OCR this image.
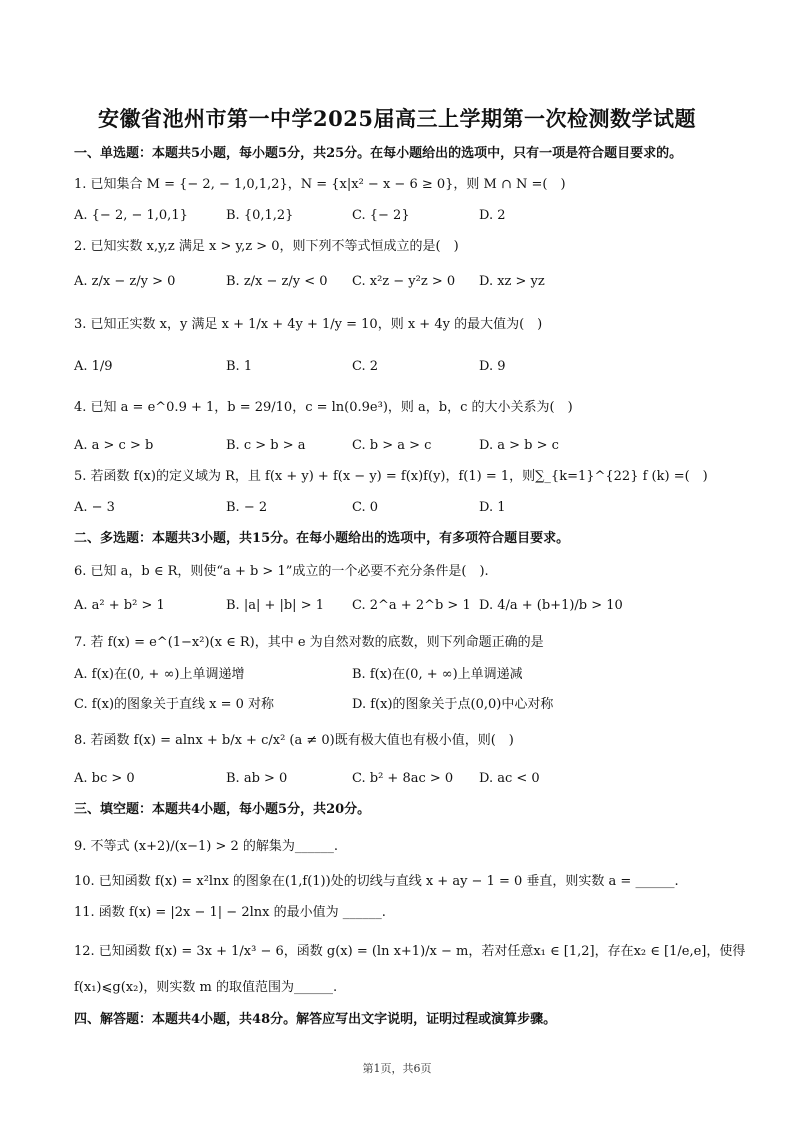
安徽省池州市第一中学2025届高三上学期第一次检测数学试题
一、单选题：本题共5小题，每小题5分，共25分。在每小题给出的选项中，只有一项是符合题目要求的。
1. 已知集合 M = {− 2, − 1,0,1,2}，N = {x|x² − x − 6 ≥ 0}，则 M ∩ N =(　)
A. {− 2, − 1,0,1}	B. {0,1,2}	C. {− 2}	D. 2
2. 已知实数 x,y,z 满足 x > y,z > 0，则下列不等式恒成立的是(　)
A. z/x − z/y > 0	B. z/x − z/y < 0 C. x²z − y²z > 0 D. xz > yz
3. 已知正实数 x，y 满足 x + 1/x + 4y + 1/y = 10，则 x + 4y 的最大值为(　)
A. 1/9	B. 1	C. 2	D. 9
4. 已知 a = e^0.9 + 1，b = 29/10，c = ln(0.9e³)，则 a，b，c 的大小关系为(　)
A. a > c > b	B. c > b > a	C. b > a > c	D. a > b > c
5. 若函数 f(x)的定义域为 R，且 f(x + y) + f(x − y) = f(x)f(y)，f(1) = 1，则∑_{k=1}^{22} f (k) =(　)
A. − 3	B. − 2	C. 0	D. 1
二、多选题：本题共3小题，共15分。在每小题给出的选项中，有多项符合题目要求。
6. 已知 a，b ∈ R，则使“a + b > 1”成立的一个必要不充分条件是(　).
A. a² + b² > 1	B. |a| + |b| > 1 C. 2^a + 2^b > 1 D. 4/a + (b+1)/b > 10
7. 若 f(x) = e^(1−x²)(x ∈ R)，其中 e 为自然对数的底数，则下列命题正确的是
A. f(x)在(0, + ∞)上单调递增	B. f(x)在(0, + ∞)上单调递减
C. f(x)的图象关于直线 x = 0 对称	D. f(x)的图象关于点(0,0)中心对称
8. 若函数 f(x) = alnx + b/x + c/x² (a ≠ 0)既有极大值也有极小值，则(　)
A. bc > 0	B. ab > 0	C. b² + 8ac > 0 D. ac < 0
三、填空题：本题共4小题，每小题5分，共20分。
9. 不等式 (x+2)/(x−1) > 2 的解集为______.
10. 已知函数 f(x) = x²lnx 的图象在(1,f(1))处的切线与直线 x + ay − 1 = 0 垂直，则实数 a = ______.
11. 函数 f(x) = |2x − 1| − 2lnx 的最小值为 ______.
12. 已知函数 f(x) = 3x + 1/x³ − 6，函数 g(x) = (ln x+1)/x − m，若对任意x₁ ∈ [1,2]，存在x₂ ∈ [1/e,e]，使得
f(x₁)⩽g(x₂)，则实数 m 的取值范围为______.
四、解答题：本题共4小题，共48分。解答应写出文字说明，证明过程或演算步骤。
第1页，共6页
